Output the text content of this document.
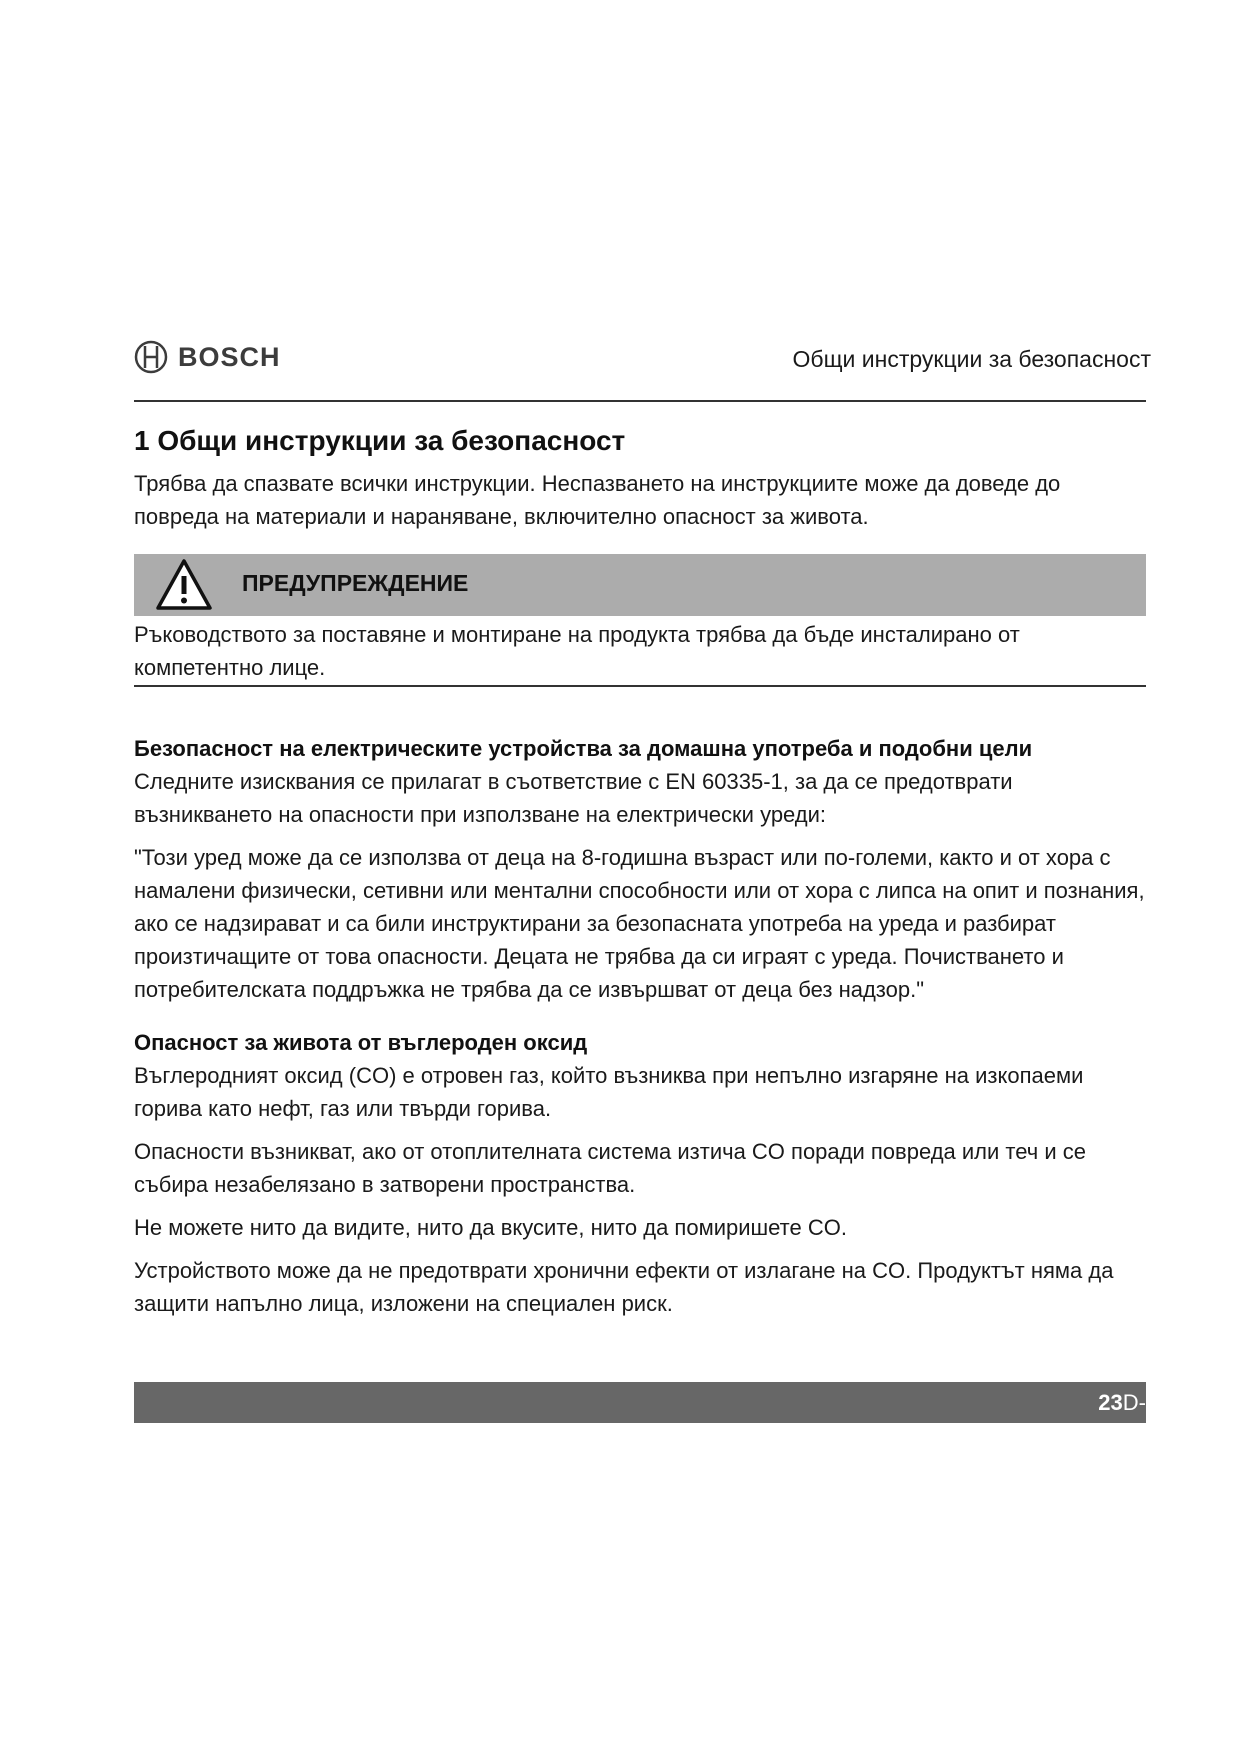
BOSCH	Общи инструкции за безопасност
1 Общи инструкции за безопасност

Трябва да спазвате всички инструкции. Неспазването на инструкциите може да доведе до повреда на материали и нараняване, включително опасност за живота.

ПРЕДУПРЕЖДЕНИЕ

Ръководството за поставяне и монтиране на продукта трябва да бъде инсталирано от компетентно лице.

Безопасност на електрическите устройства за домашна употреба и подобни цели

Следните изисквания се прилагат в съответствие с EN 60335-1, за да се предотврати възникването на опасности при използване на електрически уреди:

"Този уред може да се използва от деца на 8-годишна възраст или по-големи, както и от хора с намалени физически, сетивни или ментални способности или от хора с липса на опит и познания, ако се надзирават и са били инструктирани за безопасната употреба на уреда и разбират произтичащите от това опасности. Децата не трябва да си играят с уреда. Почистването и потребителската поддръжка не трябва да се извършват от деца без надзор."

Опасност за живота от въглероден оксид

Въглеродният оксид (CO) е отровен газ, който възниква при непълно изгаряне на изкопаеми горива като нефт, газ или твърди горива.

Опасности възникват, ако от отоплителната система изтича CO поради повреда или теч и се събира незабелязано в затворени пространства.

Не можете нито да видите, нито да вкусите, нито да помиришете CO.

Устройството може да не предотврати хронични ефекти от излагане на CO. Продуктът няма да защити напълно лица, изложени на специален риск.

23D-
